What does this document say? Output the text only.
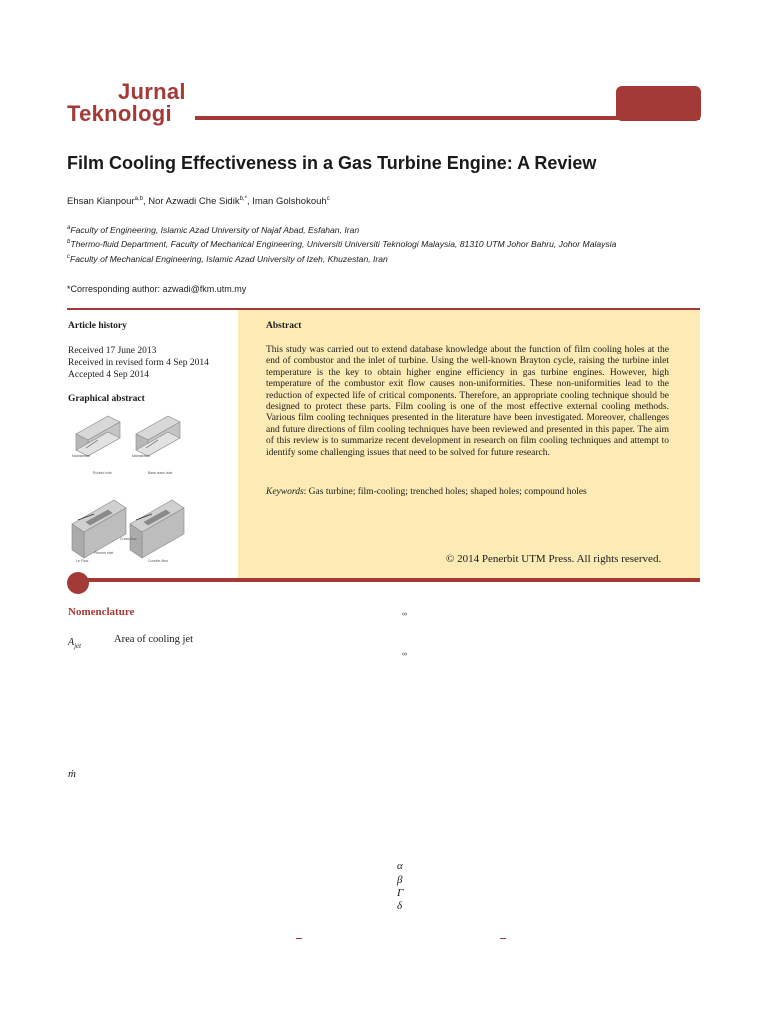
Jurnal
Teknologi
Film Cooling Effectiveness in a Gas Turbine Engine: A Review
Ehsan Kianpour$^{a,b}$, Nor Azwadi Che Sidik$^{b,*}$, Iman Golshokouh$^c$
$^a$Faculty of Engineering, Islamic Azad University of Najaf Abad, Esfahan, Iran
$^b$Thermo-fluid Department, Faculty of Mechanical Engineering, Universiti Universiti Teknologi Malaysia, 81310 UTM Johor Bahru, Johor Malaysia
$^c$Faculty of Mechanical Engineering, Islamic Azad University of Izeh, Khuzestan, Iran
*Corresponding author: azwadi@fkm.utm.my
Article history
Received 17 June 2013
Received in revised form 4 Sep 2014
Accepted 4 Sep 2014
Graphical abstract
Mainstream
Roofed hole
Mainstream
Base trans hole
Le Flow
Plenum inlet
Cross-flow
Counter-flow
Abstract
This study was carried out to extend database knowledge about the function of film cooling holes at the end of combustor and the inlet of turbine. Using the well-known Brayton cycle, raising the turbine inlet temperature is the key to obtain higher engine efficiency in gas turbine engines. However, high temperature of the combustor exit flow causes non-uniformities. These non-uniformities lead to the reduction of expected life of critical components. Therefore, an appropriate cooling technique should be designed to protect these parts. Film cooling is one of the most effective external cooling methods. Various film cooling techniques presented in the literature have been investigated. Moreover, challenges and future directions of film cooling techniques have been reviewed and presented in this paper. The aim of this review is to summarize recent development in research on film cooling techniques and attempt to identify some challenging issues that need to be solved for future research.
Keywords: Gas turbine; film-cooling; trenched holes; shaped holes; compound holes
© 2014 Penerbit UTM Press. All rights reserved.
Nomenclature
$A_{jet}$
Area of cooling jet
ṁ
∞
∞
α
β
Γ
δ
